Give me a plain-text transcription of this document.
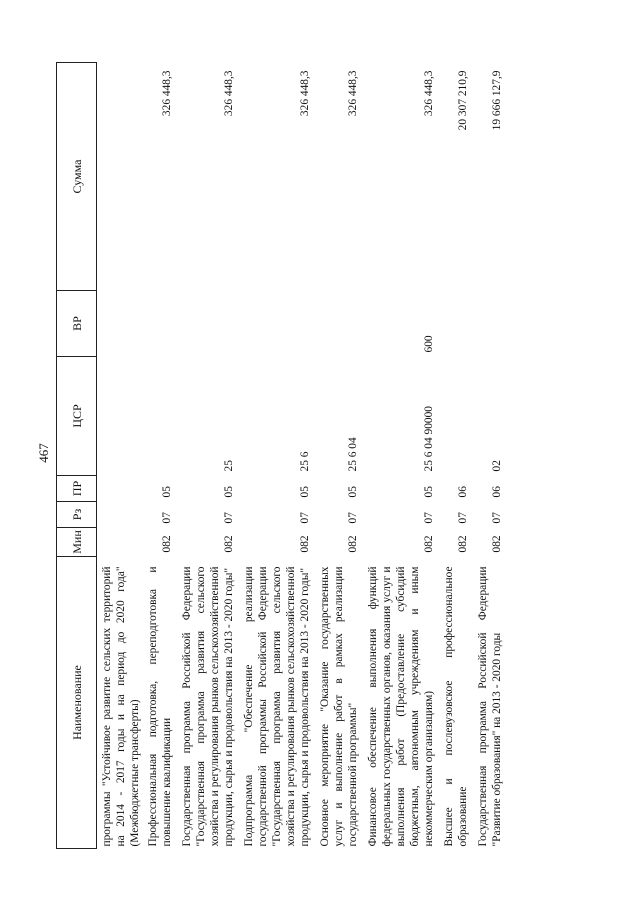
467
Наименование	Мин	Рз	ПР	ЦСР	ВР	Сумма
программы "Устойчивое развитие сельских территорий на 2014 - 2017 годы и на период до 2020 года" (Межбюджетные трансферты)						
Профессиональная подготовка, переподготовка и повышение квалификации	082	07	05			326 448,3
Государственная программа Российской Федерации "Государственная программа развития сельского хозяйства и регулирования рынков сельскохозяйственной продукции, сырья и продовольствия на 2013 - 2020 годы"	082	07	05	25		326 448,3
Подпрограмма "Обеспечение реализации государственной программы Российской Федерации "Государственная программа развития сельского хозяйства и регулирования рынков сельскохозяйственной продукции, сырья и продовольствия на 2013 - 2020 годы"	082	07	05	25 6		326 448,3
Основное мероприятие "Оказание государственных услуг и выполнение работ в рамках реализации государственной программы"	082	07	05	25 6 04		326 448,3
Финансовое обеспечение выполнения функций федеральных государственных органов, оказания услуг и выполнения работ (Предоставление субсидий бюджетным, автономным учреждениям и иным некоммерческим организациям)	082	07	05	25 6 04 90000	600	326 448,3
Высшее и послевузовское профессиональное образование	082	07	06			20 307 210,9
Государственная программа Российской Федерации "Развитие образования" на 2013 - 2020 годы	082	07	06	02		19 666 127,9
